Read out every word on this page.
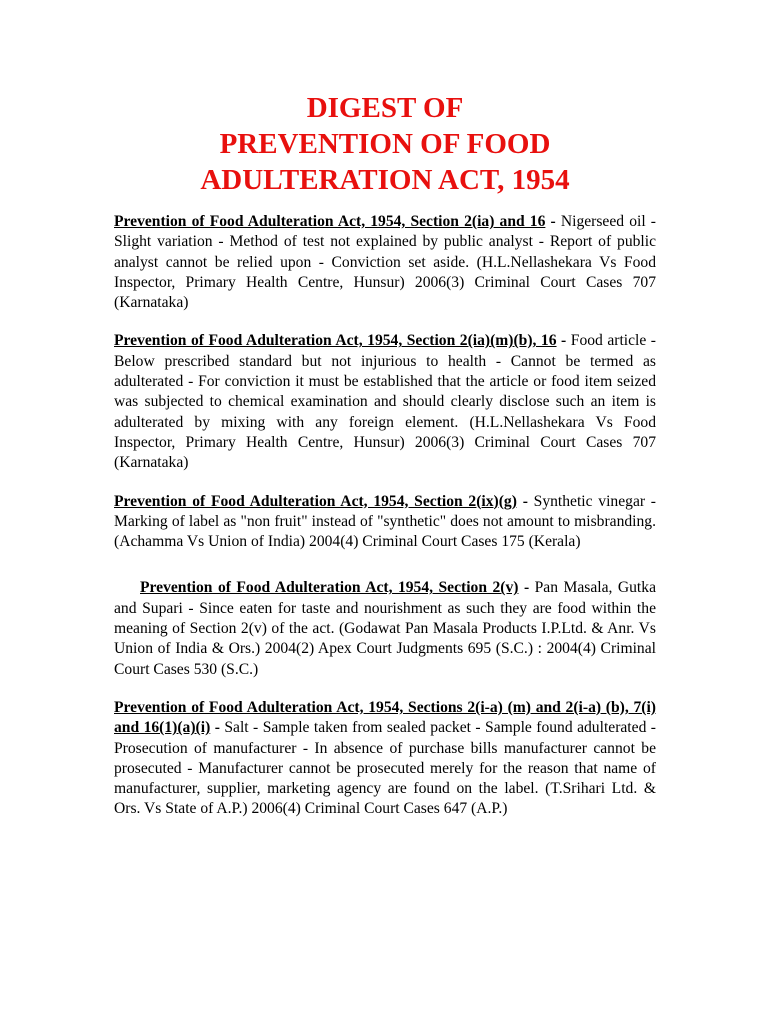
DIGEST OF
PREVENTION OF FOOD
ADULTERATION ACT, 1954

Prevention of Food Adulteration Act, 1954, Section 2(ia) and 16 - Nigerseed oil - Slight variation - Method of test not explained by public analyst - Report of public analyst cannot be relied upon - Conviction set aside. (H.L.Nellashekara Vs Food Inspector, Primary Health Centre, Hunsur) 2006(3) Criminal Court Cases 707 (Karnataka)

Prevention of Food Adulteration Act, 1954, Section 2(ia)(m)(b), 16 - Food article - Below prescribed standard but not injurious to health - Cannot be termed as adulterated - For conviction it must be established that the article or food item seized was subjected to chemical examination and should clearly disclose such an item is adulterated by mixing with any foreign element. (H.L.Nellashekara Vs Food Inspector, Primary Health Centre, Hunsur) 2006(3) Criminal Court Cases 707 (Karnataka)

Prevention of Food Adulteration Act, 1954, Section 2(ix)(g) - Synthetic vinegar - Marking of label as "non fruit" instead of "synthetic" does not amount to misbranding. (Achamma Vs Union of India) 2004(4) Criminal Court Cases 175 (Kerala)

Prevention of Food Adulteration Act, 1954, Section 2(v) - Pan Masala, Gutka and Supari - Since eaten for taste and nourishment as such they are food within the meaning of Section 2(v) of the act. (Godawat Pan Masala Products I.P.Ltd. & Anr. Vs Union of India & Ors.) 2004(2) Apex Court Judgments 695 (S.C.) : 2004(4) Criminal Court Cases 530 (S.C.)

Prevention of Food Adulteration Act, 1954, Sections 2(i-a) (m) and 2(i-a) (b), 7(i) and 16(1)(a)(i) - Salt - Sample taken from sealed packet - Sample found adulterated - Prosecution of manufacturer - In absence of purchase bills manufacturer cannot be prosecuted - Manufacturer cannot be prosecuted merely for the reason that name of manufacturer, supplier, marketing agency are found on the label. (T.Srihari Ltd. & Ors. Vs State of A.P.) 2006(4) Criminal Court Cases 647 (A.P.)
